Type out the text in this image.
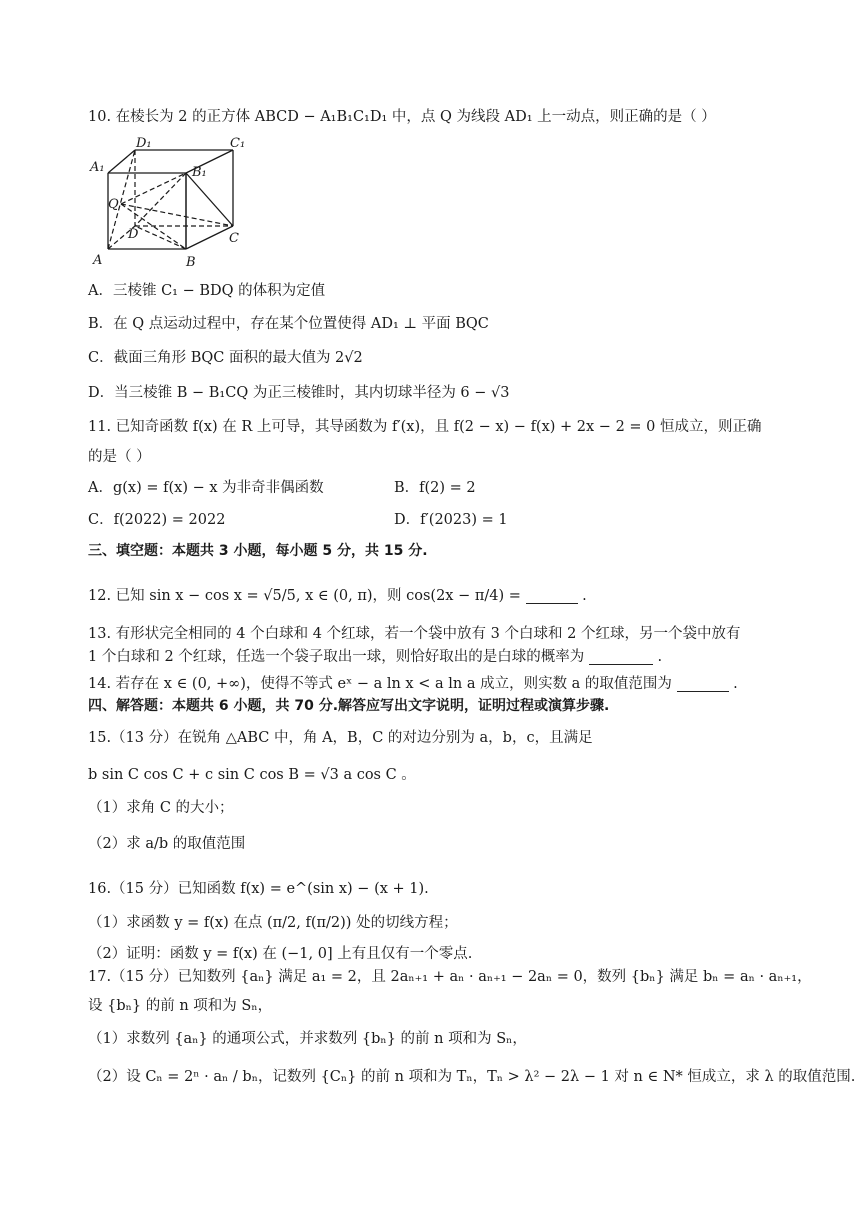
10. 在棱长为 2 的正方体 ABCD − A₁B₁C₁D₁ 中，点 Q 为线段 AD₁ 上一动点，则正确的是（ ）
D₁	C₁
A₁	B₁
Q
D	C
A	B
A．三棱锥 C₁ − BDQ 的体积为定值
B．在 Q 点运动过程中，存在某个位置使得 AD₁ ⊥ 平面 BQC
C．截面三角形 BQC 面积的最大值为 2√2
D．当三棱锥 B − B₁CQ 为正三棱锥时，其内切球半径为 6 − √3
11. 已知奇函数 f(x) 在 R 上可导，其导函数为 f′(x)，且 f(2 − x) − f(x) + 2x − 2 = 0 恒成立，则正确
的是（ ）
A．g(x) = f(x) − x 为非奇非偶函数	B．f(2) = 2
C．f(2022) = 2022	D．f′(2023) = 1
三、填空题：本题共 3 小题，每小题 5 分，共 15 分.
12. 已知 sin x − cos x = √5/5, x ∈ (0, π)，则 cos(2x − π/4) =	.
13. 有形状完全相同的 4 个白球和 4 个红球，若一个袋中放有 3 个白球和 2 个红球，另一个袋中放有
1 个白球和 2 个红球，任选一个袋子取出一球，则恰好取出的是白球的概率为	.
14. 若存在 x ∈ (0, +∞)，使得不等式 eˣ − a ln x < a ln a 成立，则实数 a 的取值范围为	.
四、解答题：本题共 6 小题，共 70 分.解答应写出文字说明，证明过程或演算步骤.
15.（13 分）在锐角 △ABC 中，角 A，B，C 的对边分别为 a，b，c，且满足
b sin C cos C + c sin C cos B = √3 a cos C 。
（1）求角 C 的大小；
（2）求 a/b 的取值范围
16.（15 分）已知函数 f(x) = e^(sin x) − (x + 1).
（1）求函数 y = f(x) 在点 (π/2, f(π/2)) 处的切线方程；
（2）证明：函数 y = f(x) 在 (−1, 0] 上有且仅有一个零点.
17.（15 分）已知数列 {aₙ} 满足 a₁ = 2，且 2aₙ₊₁ + aₙ · aₙ₊₁ − 2aₙ = 0，数列 {bₙ} 满足 bₙ = aₙ · aₙ₊₁，
设 {bₙ} 的前 n 项和为 Sₙ，
（1）求数列 {aₙ} 的通项公式，并求数列 {bₙ} 的前 n 项和为 Sₙ，
（2）设 Cₙ = 2ⁿ · aₙ / bₙ，记数列 {Cₙ} 的前 n 项和为 Tₙ，Tₙ > λ² − 2λ − 1 对 n ∈ N* 恒成立，求 λ 的取值范围.
